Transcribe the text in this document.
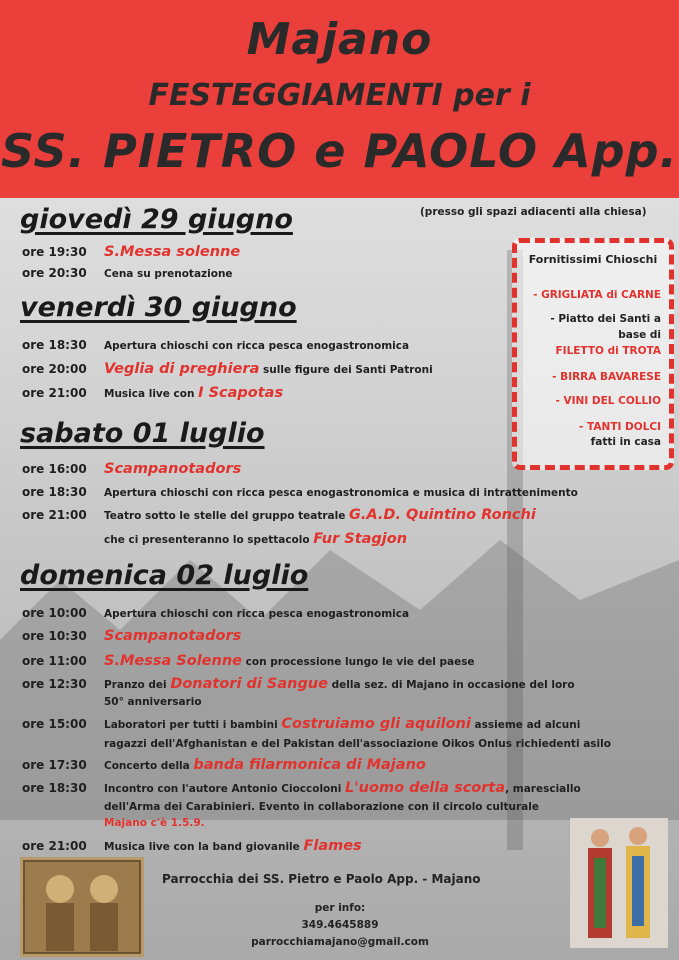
Majano
FESTEGGIAMENTI per i
SS. PIETRO e PAOLO App.
(presso gli spazi adiacenti alla chiesa)
giovedì 29 giugno
ore 19:30 S.Messa solenne
ore 20:30 Cena su prenotazione
venerdì 30 giugno
ore 18:30 Apertura chioschi con ricca pesca enogastronomica
ore 20:00 Veglia di preghiera sulle figure dei Santi Patroni
ore 21:00 Musica live con I Scapotas
sabato 01 luglio
ore 16:00 Scampanotadors
ore 18:30 Apertura chioschi con ricca pesca enogastronomica e musica di intrattenimento
ore 21:00 Teatro sotto le stelle del gruppo teatrale G.A.D. Quintino Ronchi
che ci presenteranno lo spettacolo Fur Stagjon
domenica 02 luglio
ore 10:00 Apertura chioschi con ricca pesca enogastronomica
ore 10:30 Scampanotadors
ore 11:00 S.Messa Solenne con processione lungo le vie del paese
ore 12:30 Pranzo dei Donatori di Sangue della sez. di Majano in occasione del loro
50° anniversario
ore 15:00 Laboratori per tutti i bambini Costruiamo gli aquiloni assieme ad alcuni
ragazzi dell'Afghanistan e del Pakistan dell'associazione Oikos Onlus richiedenti asilo
ore 17:30 Concerto della banda filarmonica di Majano
ore 18:30 Incontro con l'autore Antonio Cioccoloni L'uomo della scorta, maresciallo
dell'Arma dei Carabinieri. Evento in collaborazione con il circolo culturale
Majano c'è 1.5.9.
ore 21:00 Musica live con la band giovanile Flames
Fornitissimi Chioschi
- GRIGLIATA di CARNE
- Piatto dei Santi a
base di
FILETTO di TROTA
- BIRRA BAVARESE
- VINI DEL COLLIO
- TANTI DOLCI
fatti in casa
Parrocchia dei SS. Pietro e Paolo App. - Majano
per info:
349.4645889
parrocchiamajano@gmail.com
